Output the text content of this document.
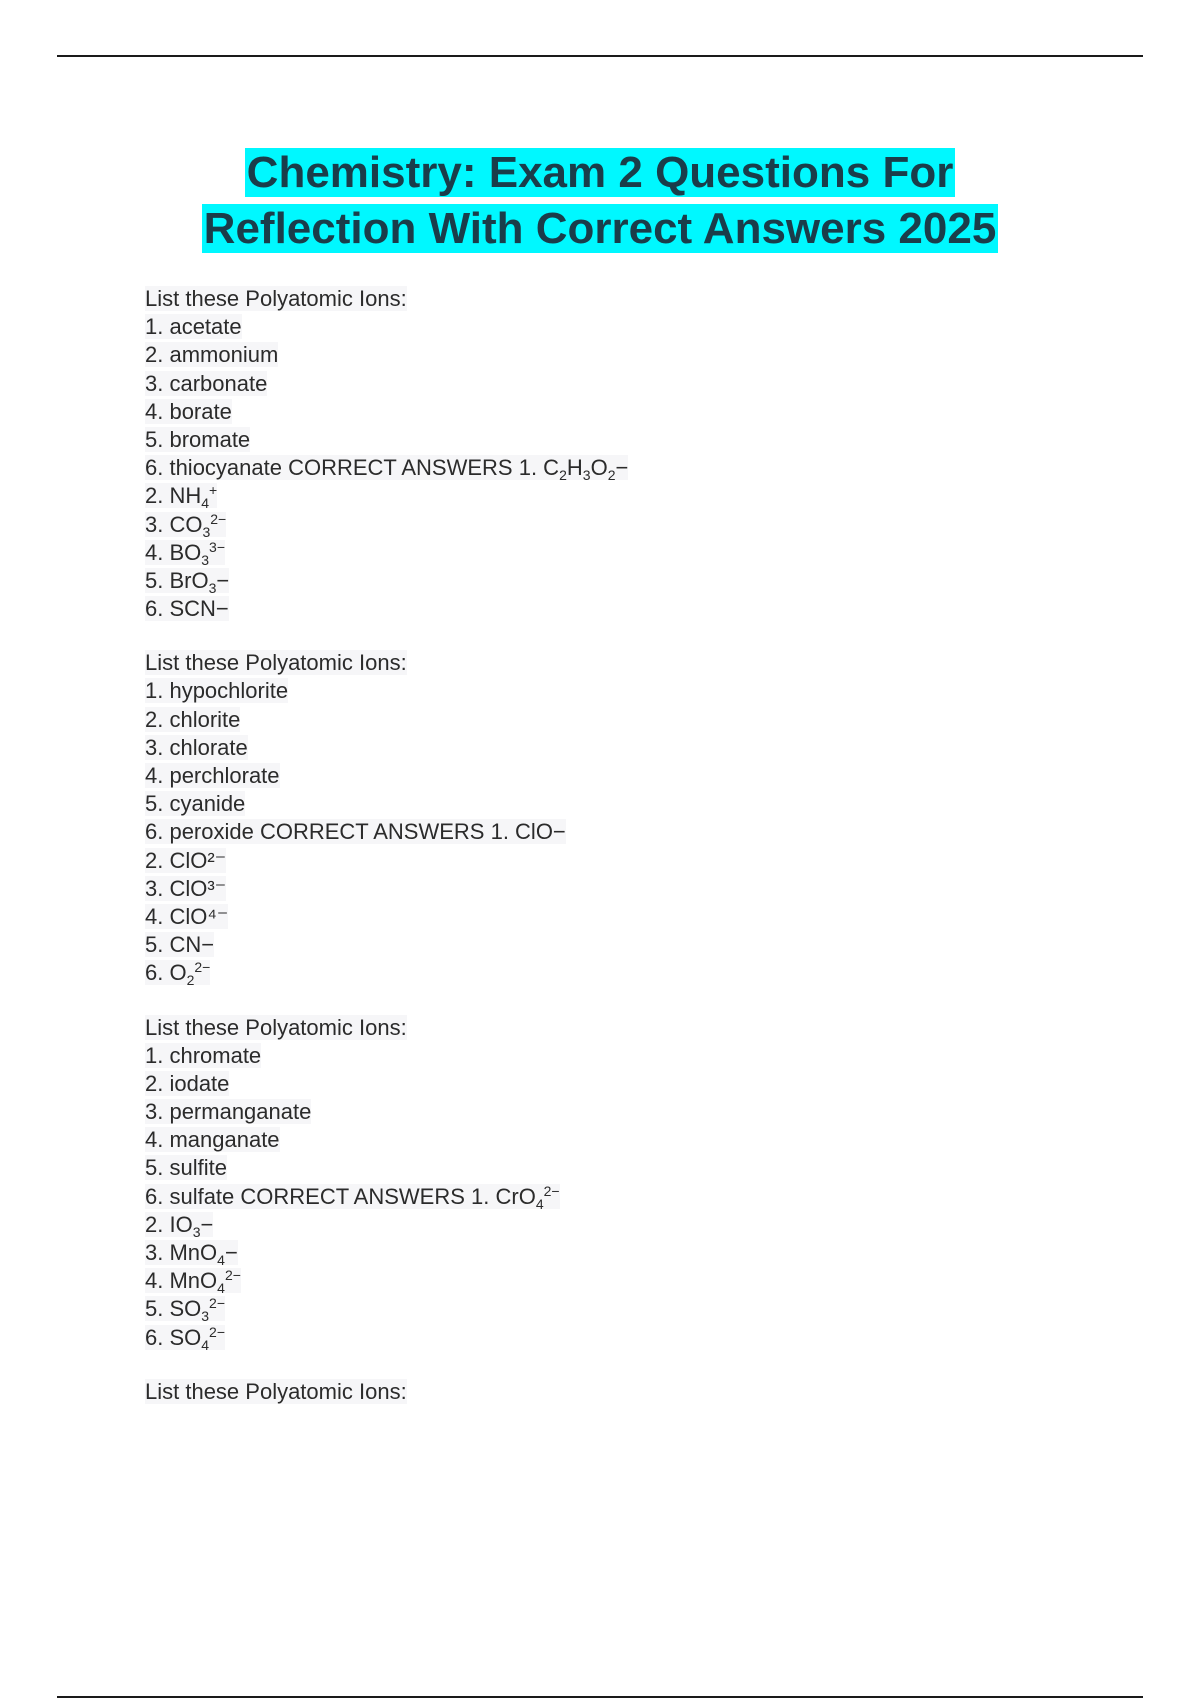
Chemistry: Exam 2 Questions For
Reflection With Correct Answers 2025
List these Polyatomic Ions:
1. acetate
2. ammonium
3. carbonate
4. borate
5. bromate
6. thiocyanate CORRECT ANSWERS 1. $C_2H_3O_2-$
2. $NH_4^+$
3. $CO_3^{2-}$
4. $BO_3^{3-}$
5. BrO$_3$−
6. SCN−
List these Polyatomic Ions:
1. hypochlorite
2. chlorite
3. chlorate
4. perchlorate
5. cyanide
6. peroxide CORRECT ANSWERS 1. ClO−
2. ClO²⁻
3. ClO³⁻
4. ClO⁴⁻
5. CN−
6. $O_2^{2-}$
List these Polyatomic Ions:
1. chromate
2. iodate
3. permanganate
4. manganate
5. sulfite
6. sulfate CORRECT ANSWERS 1. CrO$_4^{2-}$
2. $IO_3-$
3. MnO$_4$−
4. MnO$_4^{2-}$
5. $SO_3^{2-}$
6. $SO_4^{2-}$
List these Polyatomic Ions:
